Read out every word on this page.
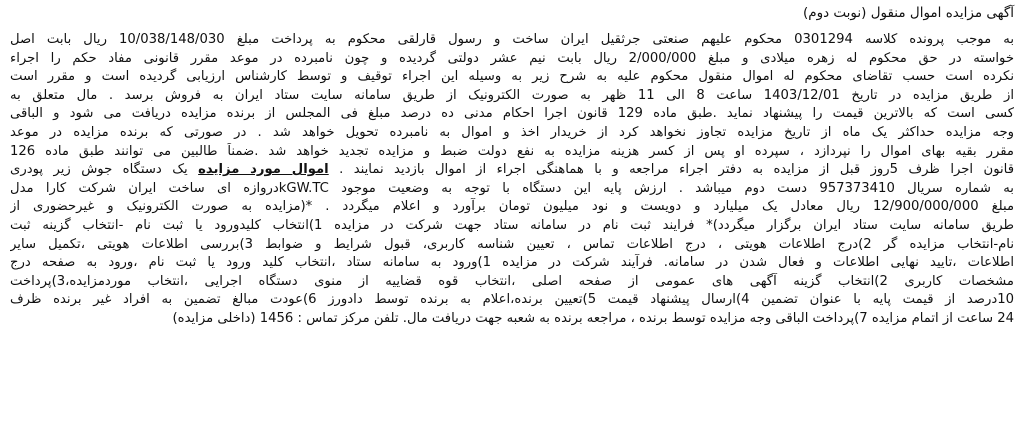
آگهی مزایده اموال منقول (نوبت دوم)
به موجب پرونده کلاسه 0301294 محکوم علیهم صنعتی جرثقیل ایران ساخت و رسول قارلقی محکوم به پرداخت مبلغ 10/038/148/030 ریال بابت اصل
خواسته در حق محکوم له زهره میلادی و مبلغ 2/000/000 ریال بابت نیم عشر دولتی گردیده و چون نامبرده در موعد مقرر قانونی مفاد حکم را اجراء
نکرده است حسب تقاضای محکوم له اموال منقول محکوم علیه به شرح زیر به وسیله این اجراء توقیف و توسط کارشناس ارزیابی گردیده است و مقرر است
از طریق مزایده در تاریخ 1403/12/01 ساعت 8 الی 11 ظهر به صورت الکترونیک از طریق سامانه سایت ستاد ایران به فروش برسد . مال متعلق به
کسی است که بالاترین قیمت را پیشنهاد نماید .طبق ماده 129 قانون اجرا احکام مدنی ده درصد مبلغ فی المجلس از برنده مزایده دریافت می شود و الباقی
وجه مزایده حداکثر یک ماه از تاریخ مزایده تجاوز نخواهد کرد از خریدار اخذ و اموال به نامبرده تحویل خواهد شد . در صورتی که برنده مزایده در موعد
مقرر بقیه بهای اموال را نپردازد ، سپرده او پس از کسر هزینه مزایده به نفع دولت ضبط و مزایده تجدید خواهد شد .ضمناً طالبین می توانند طبق ماده 126
قانون اجرا ظرف 5روز قبل از مزایده به دفتر اجراء مراجعه و با هماهنگی اجراء از اموال بازدید نمایند . اموال مورد مزایده یک دستگاه جوش زیر پودری
به شماره سریال 957373410 دست دوم میباشد . ارزش پایه این دستگاه با توجه به وضعیت موجود kGW.TCدروازه ای ساخت ایران شرکت کارا مدل
مبلغ 12/900/000/000 ریال معادل یک میلیارد و دویست و نود میلیون تومان برآورد و اعلام میگردد . *(مزایده به صورت الکترونیک و غیرحضوری از
طریق سامانه سایت ستاد ایران برگزار میگردد)* فرایند ثبت نام در سامانه ستاد جهت شرکت در مزایده 1)انتخاب کلیدورود یا ثبت نام -انتخاب گزینه ثبت
نام-انتخاب مزایده گر 2)درج اطلاعات هویتی ، درج اطلاعات تماس ، تعیین شناسه کاربری، قبول شرایط و ضوابط 3)بررسی اطلاعات هویتی ،تکمیل سایر
اطلاعات ،تایید نهایی اطلاعات و فعال شدن در سامانه. فرآیند شرکت در مزایده 1)ورود به سامانه ستاد ،انتخاب کلید ورود یا ثبت نام ،ورود به صفحه درج
مشخصات کاربری 2)انتخاب گزینه آگهی های عمومی از صفحه اصلی ،انتخاب قوه قضاییه از منوی دستگاه اجرایی ،انتخاب موردمزایده،3)پرداخت
10درصد از قیمت پایه با عنوان تضمین 4)ارسال پیشنهاد قیمت 5)تعیین برنده،اعلام به برنده توسط دادورز 6)عودت مبالغ تضمین به افراد غیر برنده ظرف
24 ساعت از اتمام مزایده 7)پرداخت الباقی وجه مزایده توسط برنده ، مراجعه برنده به شعبه جهت دریافت مال. تلفن مرکز تماس : 1456 (داخلی مزایده)
